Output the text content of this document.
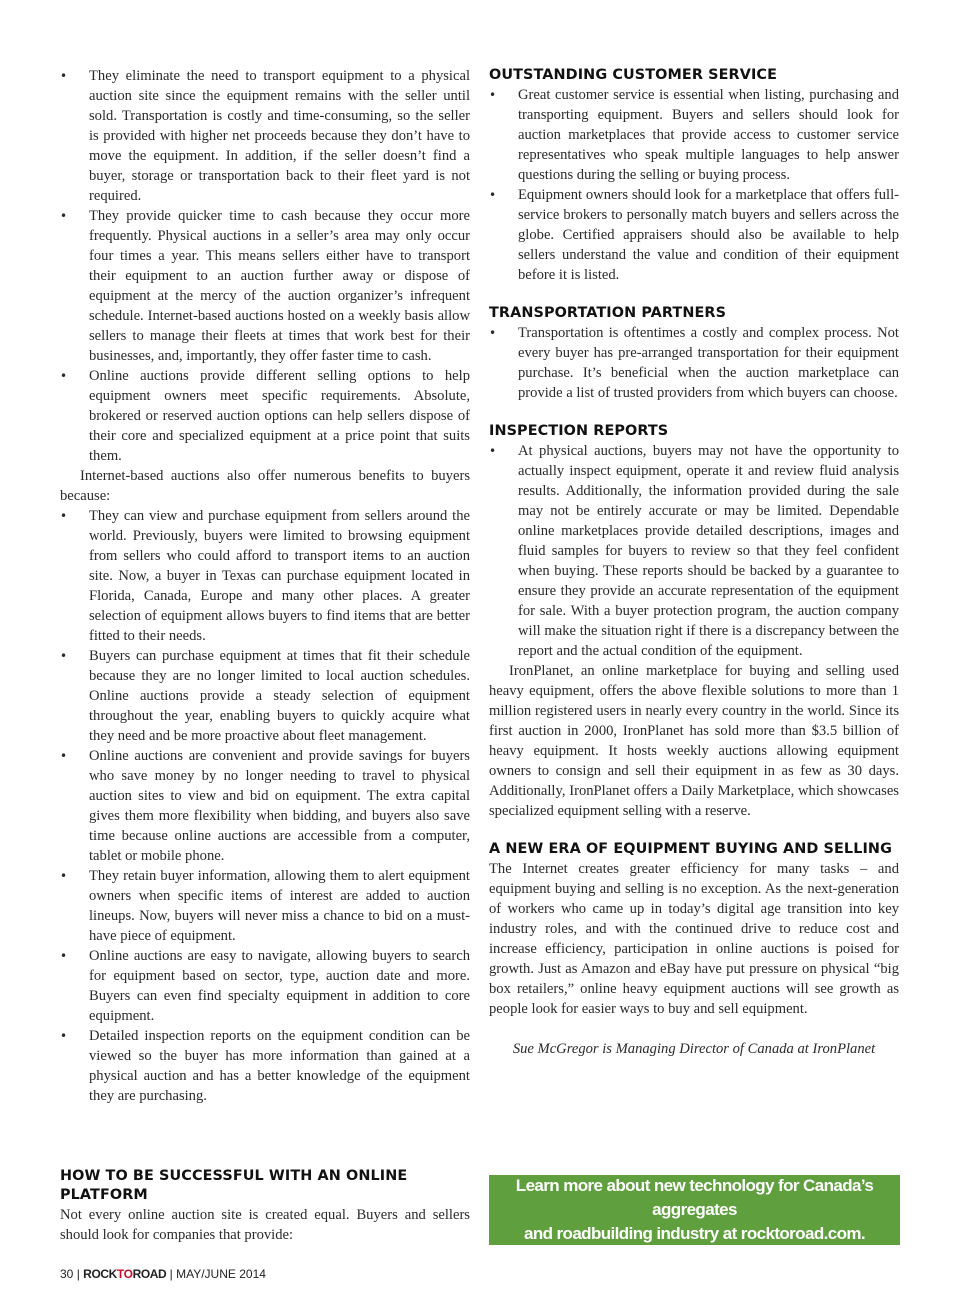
• They eliminate the need to transport equipment to a physical auction site since the equipment remains with the seller until sold. Transportation is costly and time-consuming, so the seller is provided with higher net proceeds because they don’t have to move the equipment. In addition, if the seller doesn’t find a buyer, storage or transportation back to their fleet yard is not required.
• They provide quicker time to cash because they occur more frequently. Physical auctions in a seller’s area may only occur four times a year. This means sellers either have to transport their equipment to an auction further away or dispose of equipment at the mercy of the auction organizer’s infrequent schedule. Internet-based auctions hosted on a weekly basis allow sellers to manage their fleets at times that work best for their businesses, and, importantly, they offer faster time to cash.
• Online auctions provide different selling options to help equipment owners meet specific requirements. Absolute, brokered or reserved auction options can help sellers dispose of their core and specialized equipment at a price point that suits them.

Internet-based auctions also offer numerous benefits to buyers because:

• They can view and purchase equipment from sellers around the world. Previously, buyers were limited to browsing equipment from sellers who could afford to transport items to an auction site. Now, a buyer in Texas can purchase equipment located in Florida, Canada, Europe and many other places. A greater selection of equipment allows buyers to find items that are better fitted to their needs.
• Buyers can purchase equipment at times that fit their schedule because they are no longer limited to local auction schedules. Online auctions provide a steady selection of equipment throughout the year, enabling buyers to quickly acquire what they need and be more proactive about fleet management.
• Online auctions are convenient and provide savings for buyers who save money by no longer needing to travel to physical auction sites to view and bid on equipment. The extra capital gives them more flexibility when bidding, and buyers also save time because online auctions are accessible from a computer, tablet or mobile phone.
• They retain buyer information, allowing them to alert equipment owners when specific items of interest are added to auction lineups. Now, buyers will never miss a chance to bid on a must-have piece of equipment.
• Online auctions are easy to navigate, allowing buyers to search for equipment based on sector, type, auction date and more. Buyers can even find specialty equipment in addition to core equipment.
• Detailed inspection reports on the equipment condition can be viewed so the buyer has more information than gained at a physical auction and has a better knowledge of the equipment they are purchasing.
HOW TO BE SUCCESSFUL WITH AN ONLINE PLATFORM

Not every online auction site is created equal. Buyers and sellers should look for companies that provide:

OUTSTANDING CUSTOMER SERVICE
• Great customer service is essential when listing, purchasing and transporting equipment. Buyers and sellers should look for auction marketplaces that provide access to customer service representatives who speak multiple languages to help answer questions during the selling or buying process.
• Equipment owners should look for a marketplace that offers full-service brokers to personally match buyers and sellers across the globe. Certified appraisers should also be available to help sellers understand the value and condition of their equipment before it is listed.
TRANSPORTATION PARTNERS
• Transportation is oftentimes a costly and complex process. Not every buyer has pre-arranged transportation for their equipment purchase. It’s beneficial when the auction marketplace can provide a list of trusted providers from which buyers can choose.
INSPECTION REPORTS
• At physical auctions, buyers may not have the opportunity to actually inspect equipment, operate it and review fluid analysis results. Additionally, the information provided during the sale may not be entirely accurate or may be limited. Dependable online marketplaces provide detailed descriptions, images and fluid samples for buyers to review so that they feel confident when buying. These reports should be backed by a guarantee to ensure they provide an accurate representation of the equipment for sale. With a buyer protection program, the auction company will make the situation right if there is a discrepancy between the report and the actual condition of the equipment.

IronPlanet, an online marketplace for buying and selling used heavy equipment, offers the above flexible solutions to more than 1 million registered users in nearly every country in the world. Since its first auction in 2000, IronPlanet has sold more than $3.5 billion of heavy equipment. It hosts weekly auctions allowing equipment owners to consign and sell their equipment in as few as 30 days. Additionally, IronPlanet offers a Daily Marketplace, which showcases specialized equipment selling with a reserve.

A NEW ERA OF EQUIPMENT BUYING AND SELLING

The Internet creates greater efficiency for many tasks – and equipment buying and selling is no exception. As the next-generation of workers who came up in today’s digital age transition into key industry roles, and with the continued drive to reduce cost and increase efficiency, participation in online auctions is poised for growth. Just as Amazon and eBay have put pressure on physical “big box retailers,” online heavy equipment auctions will see growth as people look for easier ways to buy and sell equipment.

Sue McGregor is Managing Director of Canada at IronPlanet

Learn more about new technology for Canada’s aggregates
and roadbuilding industry at rocktoroad.com.
30 | ROCKTOROAD | MAY/JUNE 2014
